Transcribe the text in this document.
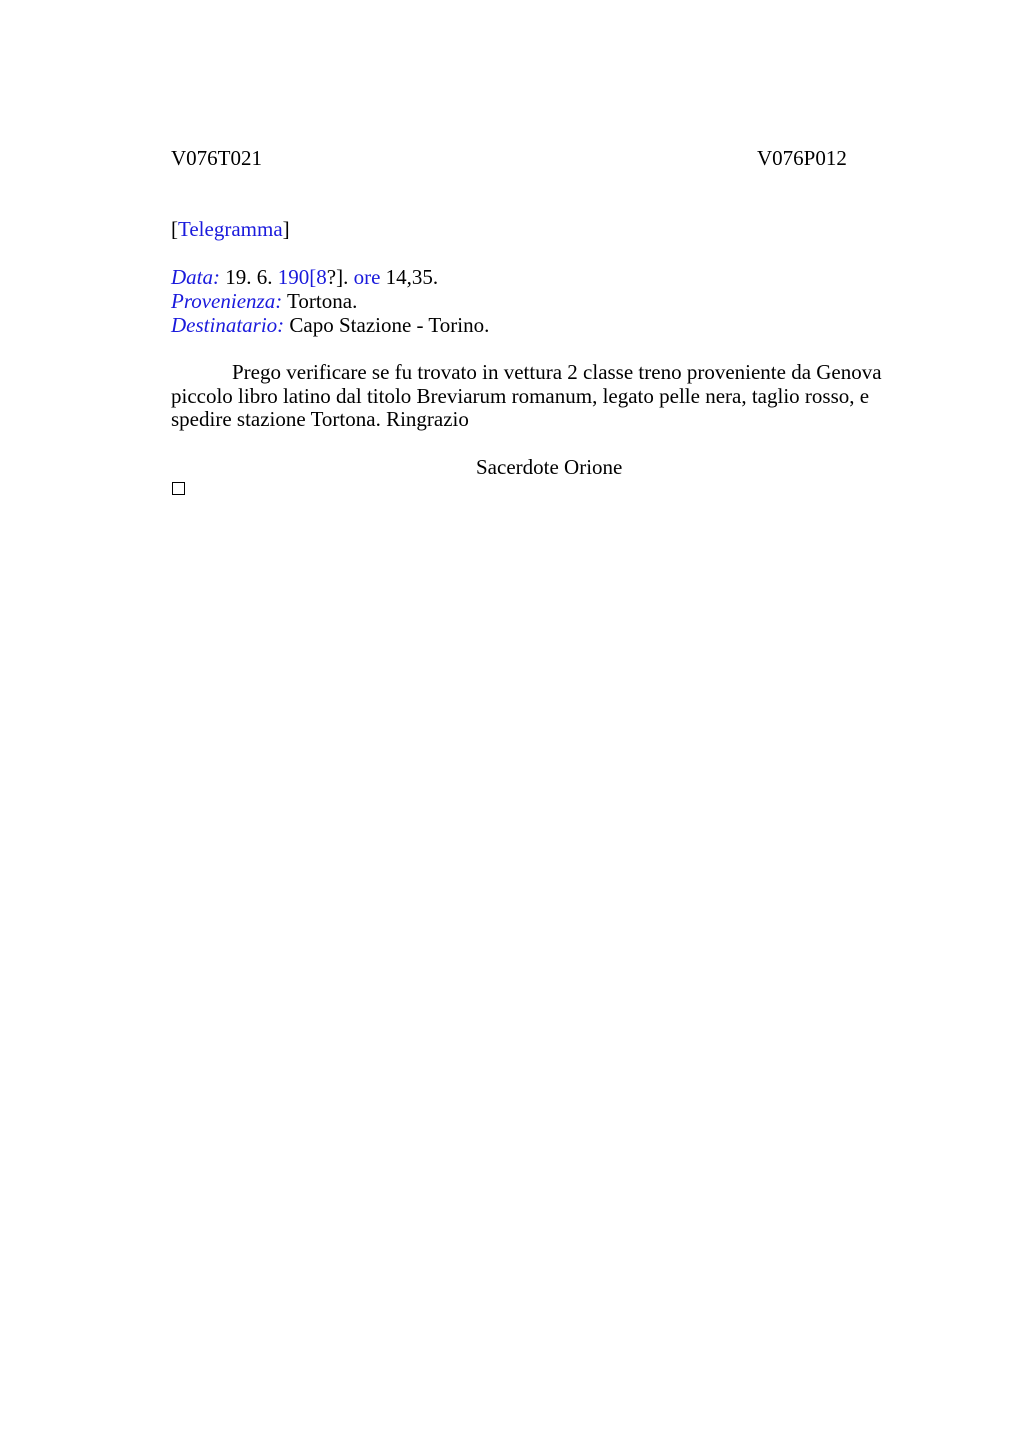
V076T021	V076P012
[Telegramma]
Data: 19. 6. 190[8?]. ore 14,35.
Provenienza: Tortona.
Destinatario: Capo Stazione - Torino.
Prego verificare se fu trovato in vettura 2 classe treno proveniente da Genova piccolo libro latino dal titolo Breviarum romanum, legato pelle nera, taglio rosso, e spedire stazione Tortona. Ringrazio
Sacerdote Orione
